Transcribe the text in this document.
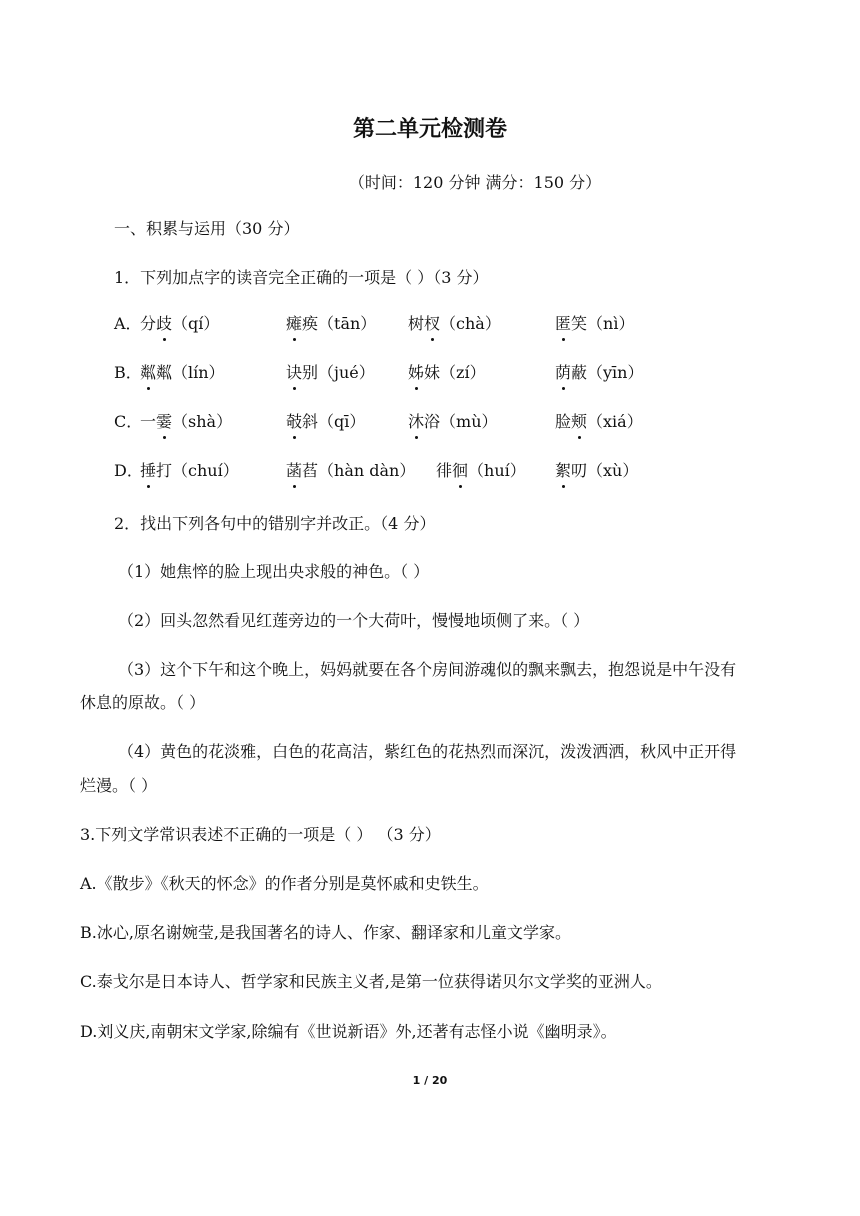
第二单元检测卷
（时间：120 分钟 满分：150 分）
一、积累与运用（30 分）
1．下列加点字的读音完全正确的一项是（ ）（3 分）
A．
分歧（qí）	瘫痪（tān） 树杈（chà）	匿笑（nì）
B．
粼粼（lín）	诀别（jué） 姊妹（zí）	荫蔽（yīn）
C．
一霎（shà）	攲斜（qī）	沐浴（mù）	脸颊（xiá）
D．
捶打（chuí）	菡萏（hàn dàn） 徘徊（huí） 絮叨（xù）
2．找出下列各句中的错别字并改正。（4 分）
（1）她焦悴的脸上现出央求般的神色。（ ）
（2）回头忽然看见红莲旁边的一个大荷叶，慢慢地顷侧了来。（ ）
（3）这个下午和这个晚上，妈妈就要在各个房间游魂似的飘来飘去，抱怨说是中午没有
休息的原故。（ ）
（4）黄色的花淡雅，白色的花高洁，紫红色的花热烈而深沉，泼泼洒洒，秋风中正开得
烂漫。（ ）
3.下列文学常识表述不正确的一项是（ ） （3 分）
A.《散步》《秋天的怀念》的作者分别是莫怀戚和史铁生。
B.冰心,原名谢婉莹,是我国著名的诗人、作家、翻译家和儿童文学家。
C.泰戈尔是日本诗人、哲学家和民族主义者,是第一位获得诺贝尔文学奖的亚洲人。
D.刘义庆,南朝宋文学家,除编有《世说新语》外,还著有志怪小说《幽明录》。
1 / 20
